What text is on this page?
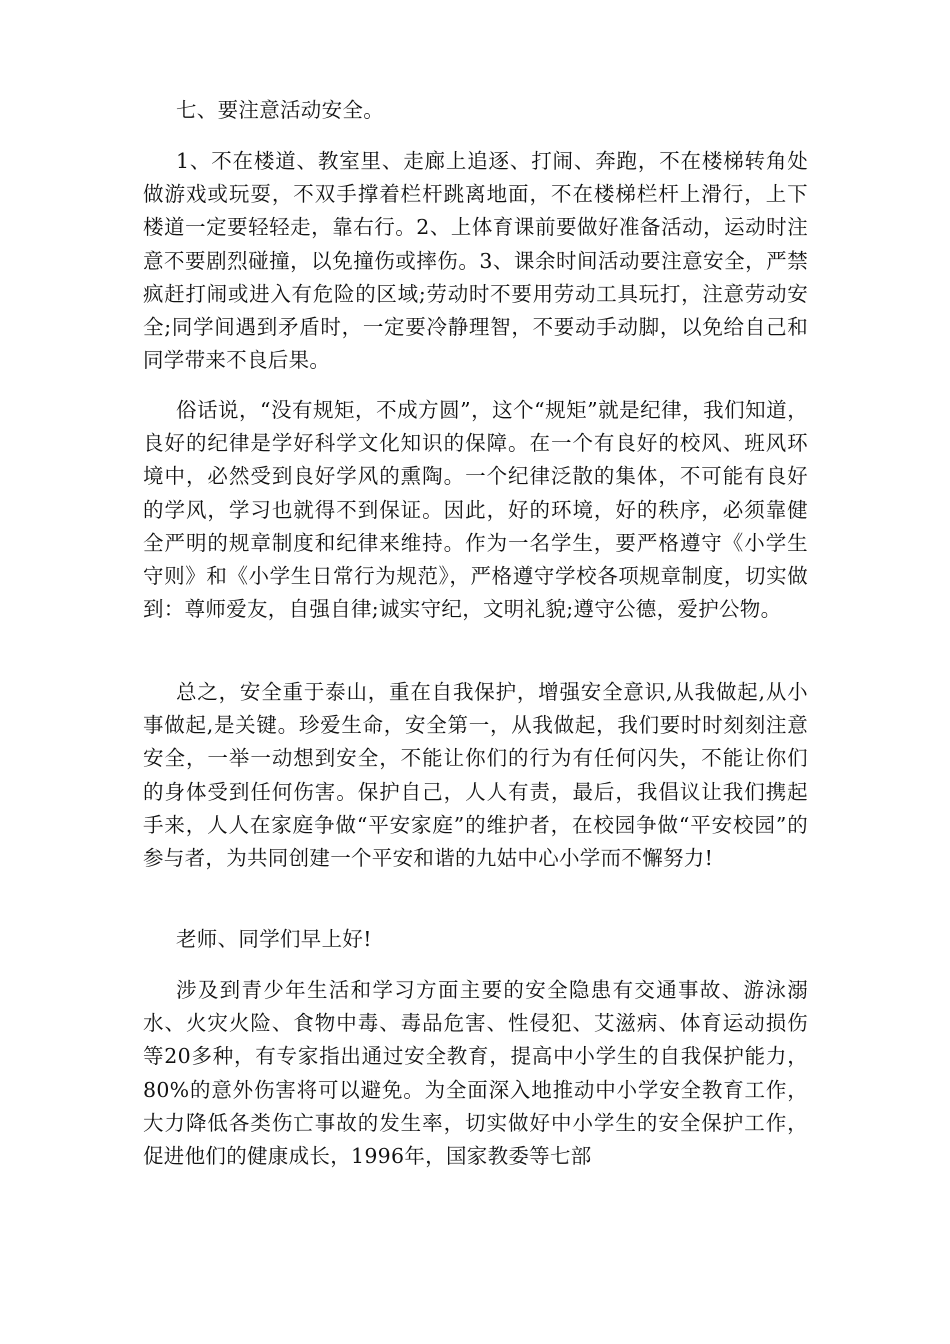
七、要注意活动安全。

1、不在楼道、教室里、走廊上追逐、打闹、奔跑，不在楼梯转角处做游戏或玩耍，不双手撑着栏杆跳离地面，不在楼梯栏杆上滑行，上下楼道一定要轻轻走，靠右行。2、上体育课前要做好准备活动，运动时注意不要剧烈碰撞，以免撞伤或摔伤。3、课余时间活动要注意安全，严禁疯赶打闹或进入有危险的区域;劳动时不要用劳动工具玩打，注意劳动安全;同学间遇到矛盾时，一定要冷静理智，不要动手动脚，以免给自己和同学带来不良后果。

俗话说，“没有规矩，不成方圆”，这个“规矩”就是纪律，我们知道，良好的纪律是学好科学文化知识的保障。在一个有良好的校风、班风环境中，必然受到良好学风的熏陶。一个纪律泛散的集体，不可能有良好的学风，学习也就得不到保证。因此，好的环境，好的秩序，必须靠健全严明的规章制度和纪律来维持。作为一名学生，要严格遵守《小学生守则》和《小学生日常行为规范》，严格遵守学校各项规章制度，切实做到：尊师爱友，自强自律;诚实守纪，文明礼貌;遵守公德，爱护公物。

总之，安全重于泰山，重在自我保护，增强安全意识,从我做起,从小事做起,是关键。珍爱生命，安全第一，从我做起，我们要时时刻刻注意安全，一举一动想到安全，不能让你们的行为有任何闪失，不能让你们的身体受到任何伤害。保护自己，人人有责，最后，我倡议让我们携起手来，人人在家庭争做“平安家庭”的维护者，在校园争做“平安校园”的参与者，为共同创建一个平安和谐的九姑中心小学而不懈努力!

老师、同学们早上好!

涉及到青少年生活和学习方面主要的安全隐患有交通事故、游泳溺水、火灾火险、食物中毒、毒品危害、性侵犯、艾滋病、体育运动损伤等20多种，有专家指出通过安全教育，提高中小学生的自我保护能力，80%的意外伤害将可以避免。为全面深入地推动中小学安全教育工作，大力降低各类伤亡事故的发生率，切实做好中小学生的安全保护工作，促进他们的健康成长，1996年，国家教委等七部
